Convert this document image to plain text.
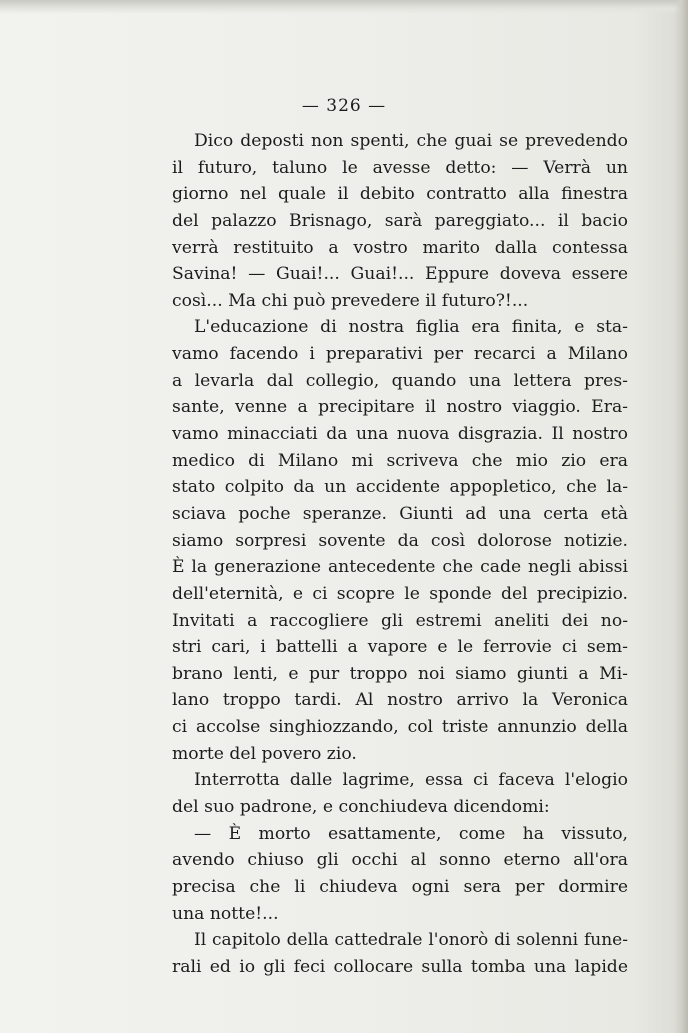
— 326 —
Dico deposti non spenti, che guai se prevedendo
il futuro, taluno le avesse detto: — Verrà un
giorno nel quale il debito contratto alla finestra
del palazzo Brisnago, sarà pareggiato... il bacio
verrà restituito a vostro marito dalla contessa
Savina! — Guai!... Guai!... Eppure doveva essere
così... Ma chi può prevedere il futuro?!...
L'educazione di nostra figlia era finita, e sta-
vamo facendo i preparativi per recarci a Milano
a levarla dal collegio, quando una lettera pres-
sante, venne a precipitare il nostro viaggio. Era-
vamo minacciati da una nuova disgrazia. Il nostro
medico di Milano mi scriveva che mio zio era
stato colpito da un accidente appopletico, che la-
sciava poche speranze. Giunti ad una certa età
siamo sorpresi sovente da così dolorose notizie.
È la generazione antecedente che cade negli abissi
dell'eternità, e ci scopre le sponde del precipizio.
Invitati a raccogliere gli estremi aneliti dei no-
stri cari, i battelli a vapore e le ferrovie ci sem-
brano lenti, e pur troppo noi siamo giunti a Mi-
lano troppo tardi. Al nostro arrivo la Veronica
ci accolse singhiozzando, col triste annunzio della
morte del povero zio.
Interrotta dalle lagrime, essa ci faceva l'elogio
del suo padrone, e conchiudeva dicendomi:
— È morto esattamente, come ha vissuto,
avendo chiuso gli occhi al sonno eterno all'ora
precisa che li chiudeva ogni sera per dormire
una notte!...
Il capitolo della cattedrale l'onorò di solenni fune-
rali ed io gli feci collocare sulla tomba una lapide
